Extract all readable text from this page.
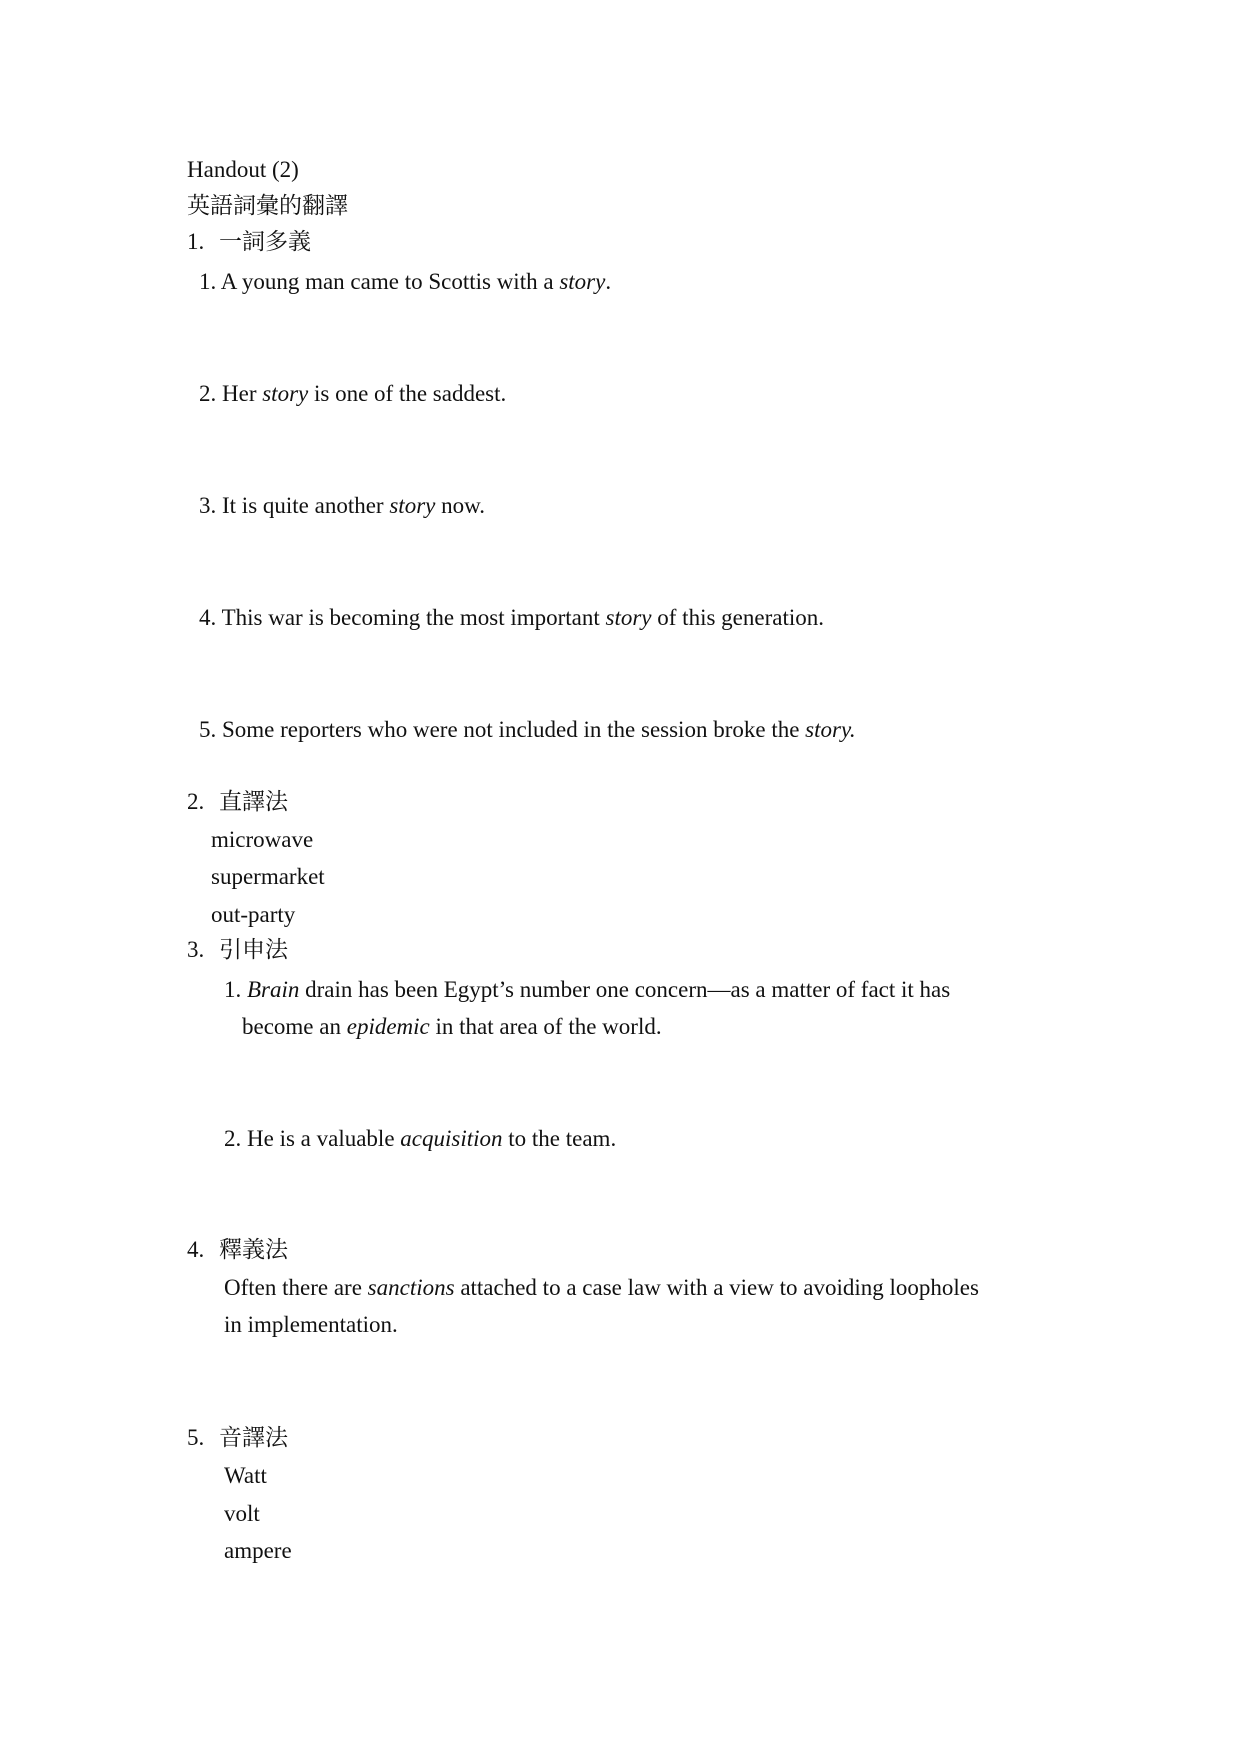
Handout (2)
英語詞彙的翻譯
1. 一詞多義
1. A young man came to Scottis with a story.
2. Her story is one of the saddest.
3. It is quite another story now.
4. This war is becoming the most important story of this generation.
5. Some reporters who were not included in the session broke the story.
2. 直譯法
microwave
supermarket
out-party
3. 引申法
1. Brain drain has been Egypt’s number one concern—as a matter of fact it has
become an epidemic in that area of the world.
2. He is a valuable acquisition to the team.
4. 釋義法
Often there are sanctions attached to a case law with a view to avoiding loopholes
in implementation.
5. 音譯法
Watt
volt
ampere
